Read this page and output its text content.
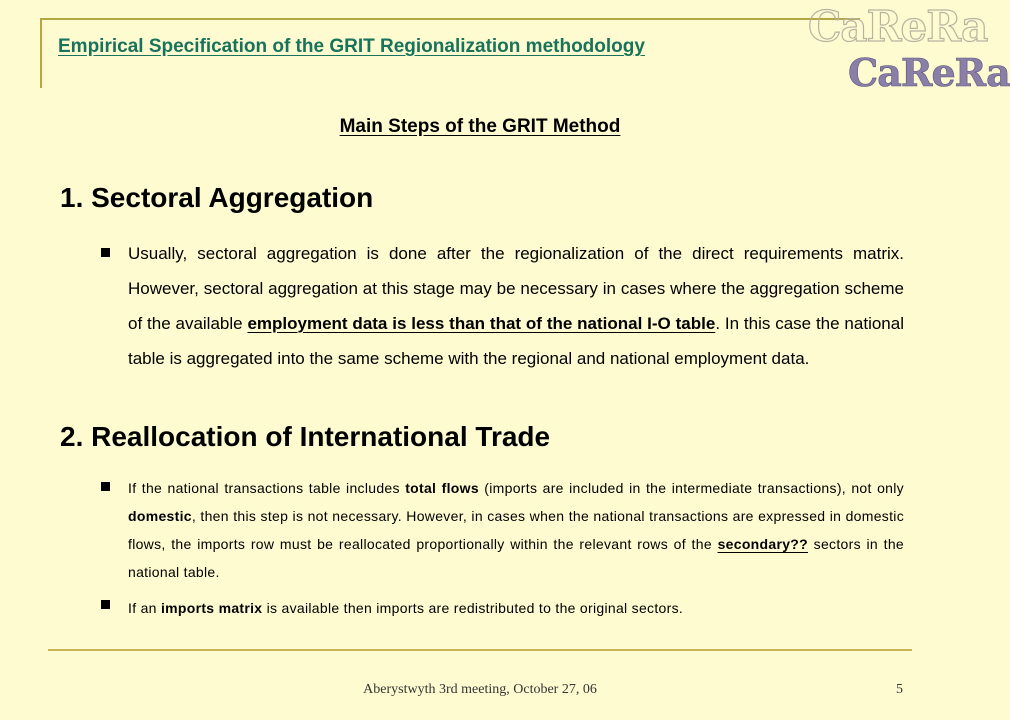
Empirical Specification of the GRIT Regionalization methodology	CaReRa
CaReRa
Main Steps of the GRIT Method
1. Sectoral Aggregation
Usually, sectoral aggregation is done after the regionalization of the direct requirements matrix. However, sectoral aggregation at this stage may be necessary in cases where the aggregation scheme of the available employment data is less than that of the national I-O table. In this case the national table is aggregated into the same scheme with the regional and national employment data.
2. Reallocation of International Trade
If the national transactions table includes total flows (imports are included in the intermediate transactions), not only domestic, then this step is not necessary. However, in cases when the national transactions are expressed in domestic flows, the imports row must be reallocated proportionally within the relevant rows of the secondary?? sectors in the national table.
If an imports matrix is available then imports are redistributed to the original sectors.
Aberystwyth 3rd meeting, October 27, 06	5
